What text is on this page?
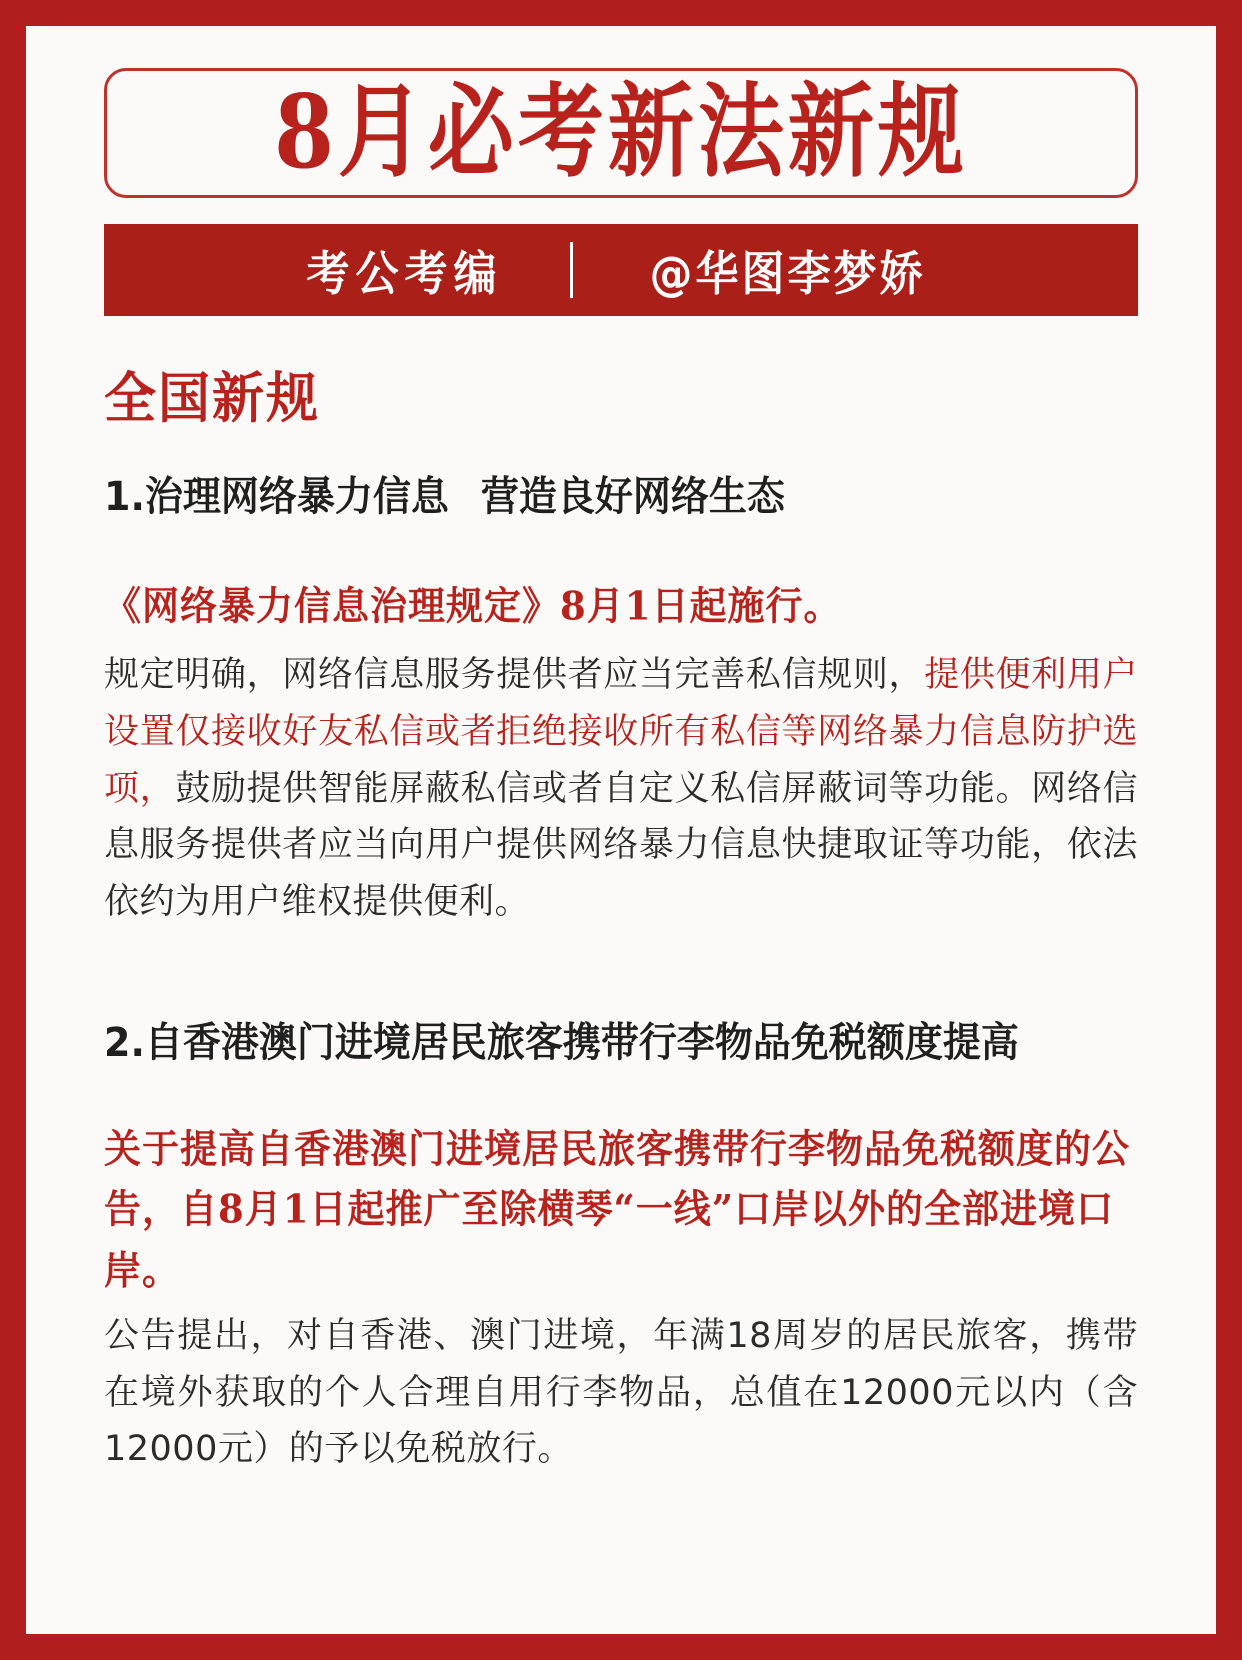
8月必考新法新规
考公考编	@华图李梦娇
全国新规
1.治理网络暴力信息 营造良好网络生态
《网络暴力信息治理规定》8月1日起施行。
规定明确，网络信息服务提供者应当完善私信规则，提供便利用户设置仅接收好友私信或者拒绝接收所有私信等网络暴力信息防护选项，鼓励提供智能屏蔽私信或者自定义私信屏蔽词等功能。网络信息服务提供者应当向用户提供网络暴力信息快捷取证等功能，依法依约为用户维权提供便利。
2.自香港澳门进境居民旅客携带行李物品免税额度提高
关于提高自香港澳门进境居民旅客携带行李物品免税额度的公告，自8月1日起推广至除横琴“一线”口岸以外的全部进境口岸。
公告提出，对自香港、澳门进境，年满18周岁的居民旅客，携带在境外获取的个人合理自用行李物品，总值在12000元以内（含12000元）的予以免税放行。
